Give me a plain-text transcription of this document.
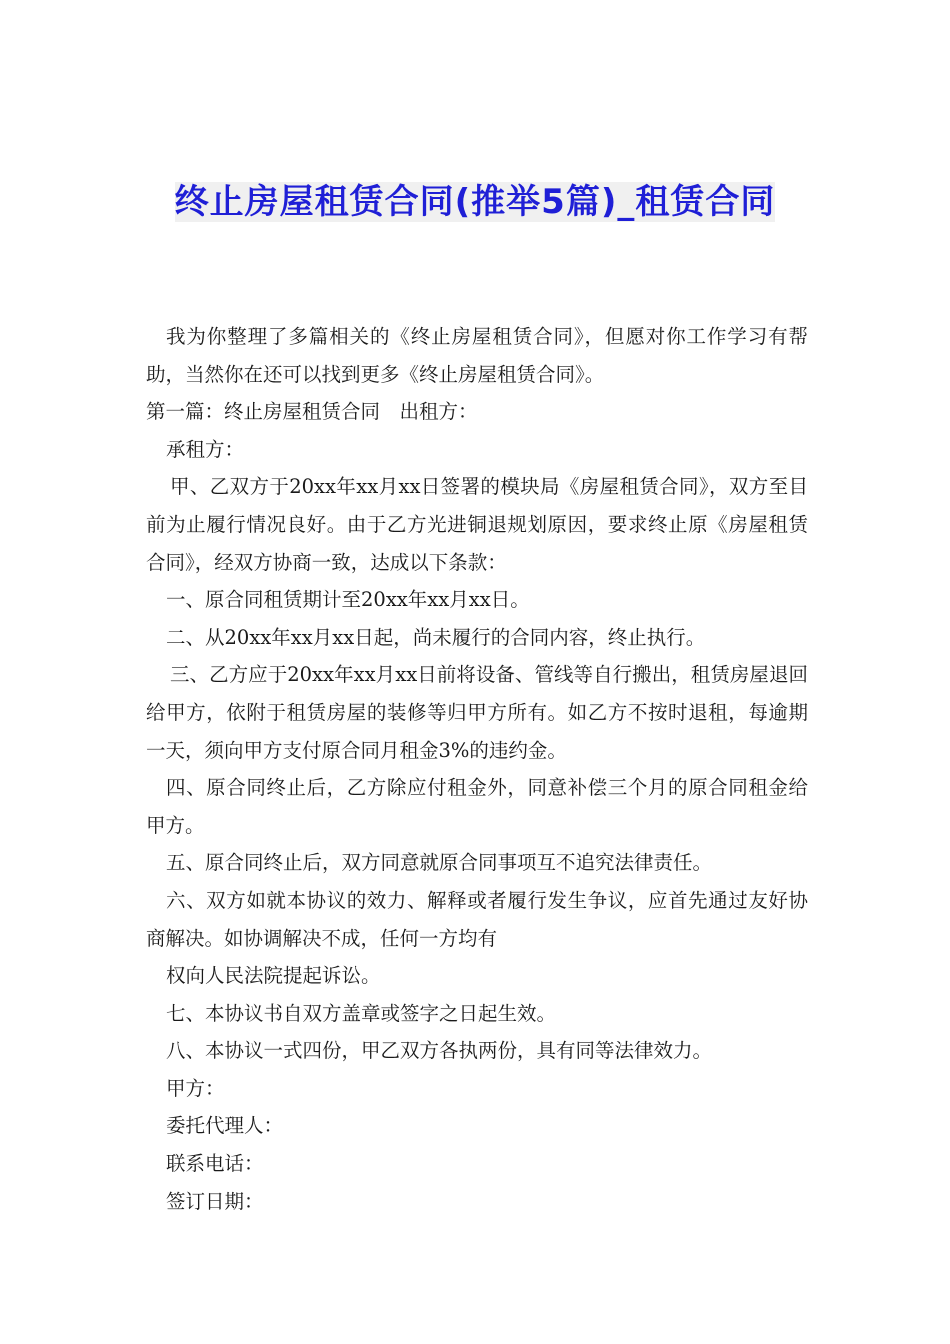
终止房屋租赁合同(推举5篇)_租赁合同

我为你整理了多篇相关的《终止房屋租赁合同》，但愿对你工作学习有帮助，当然你在还可以找到更多《终止房屋租赁合同》。

第一篇：终止房屋租赁合同　出租方：

承租方：

甲、乙双方于20xx年xx月xx日签署的模块局《房屋租赁合同》，双方至目前为止履行情况良好。由于乙方光进铜退规划原因，要求终止原《房屋租赁合同》，经双方协商一致，达成以下条款：

一、原合同租赁期计至20xx年xx月xx日。

二、从20xx年xx月xx日起，尚未履行的合同内容，终止执行。

三、乙方应于20xx年xx月xx日前将设备、管线等自行搬出，租赁房屋退回给甲方，依附于租赁房屋的装修等归甲方所有。如乙方不按时退租，每逾期一天，须向甲方支付原合同月租金3%的违约金。

四、原合同终止后，乙方除应付租金外，同意补偿三个月的原合同租金给甲方。

五、原合同终止后，双方同意就原合同事项互不追究法律责任。

六、双方如就本协议的效力、解释或者履行发生争议，应首先通过友好协商解决。如协调解决不成，任何一方均有

权向人民法院提起诉讼。

七、本协议书自双方盖章或签字之日起生效。

八、本协议一式四份，甲乙双方各执两份，具有同等法律效力。

甲方：

委托代理人：

联系电话：

签订日期：
